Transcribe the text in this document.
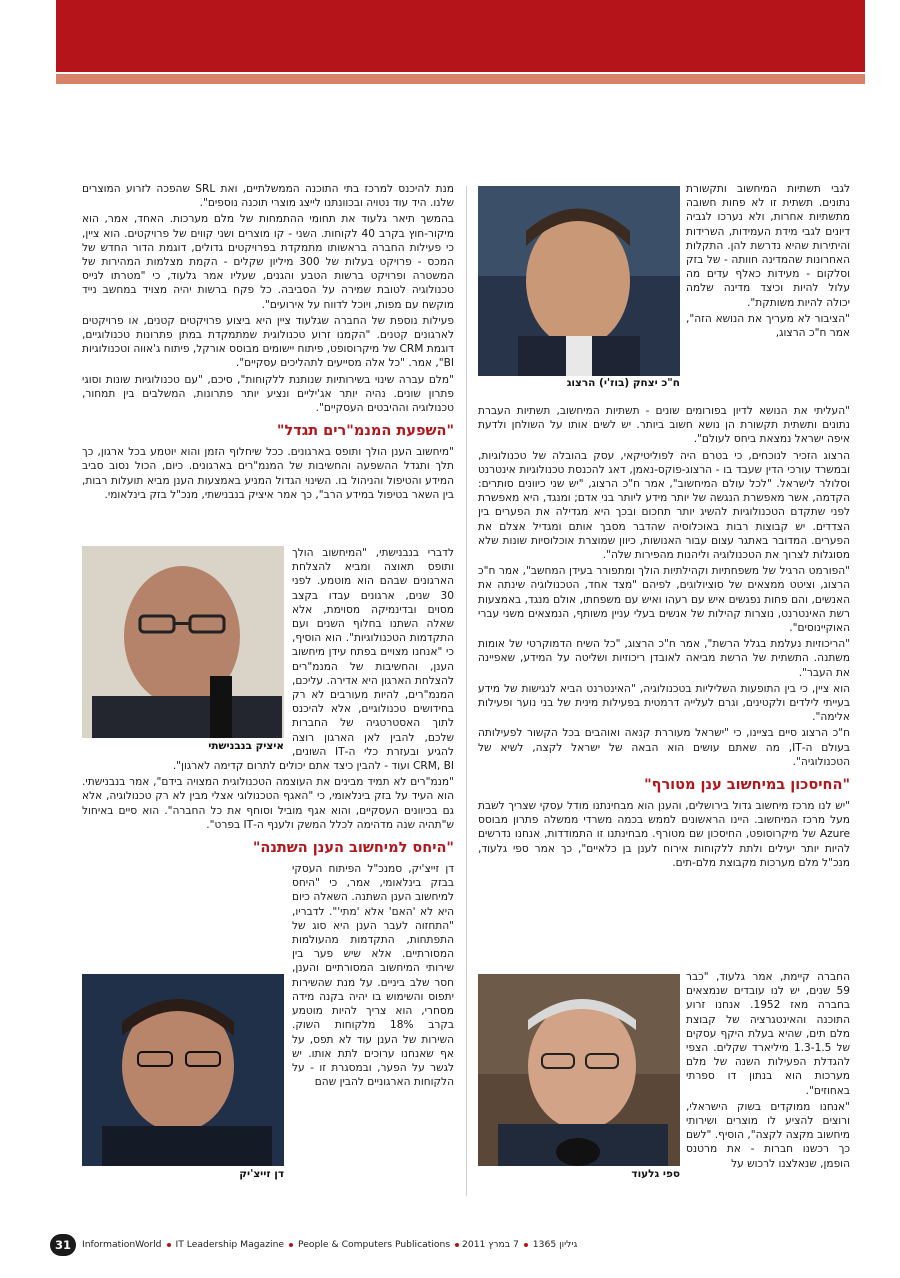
ח"כ יצחק (בוז'י) הרצוג

לגבי תשתיות המיחשוב ותקשורת נתונים. תשתית זו לא פחות חשובה מתשתיות אחרות, ולא נערכו לגביה דיונים לגבי מידת העמידות, השרידות והיתירות שהיא נדרשת להן. התקלות האחרונות שהמדינה חוותה - של בזק וסלקום - מעידות כאלף עדים מה עלול להיות וכיצד מדינה שלמה יכולה להיות משותקת".

"הציבור לא מעריך את הנושא הזה", אמר ח"כ הרצוג,

"העליתי את הנושא לדיון בפורומים שונים - תשתיות המיחשוב, תשתיות העברת נתונים ותשתית תקשורת הן נושא חשוב ביותר. יש לשים אותו על השולחן ולדעת איפה ישראל נמצאת ביחס לעולם".

הרצוג הזכיר לנוכחים, כי בטרם היה לפוליטיקאי, עסק בהובלה של טכנולוגיות, ובמשרד עורכי הדין שעבד בו - הרצוג-פוקס-נאמן, דאג להכנסת טכנולוגיות אינטרנט וסלולר לישראל. "לכל עולם המיחשוב", אמר ח"כ הרצוג, "יש שני כיוונים סותרים: הקדמה, אשר מאפשרת הנגשה של יותר מידע ליותר בני אדם; ומנגד, היא מאפשרת לפני שתקדם הטכנולוגיות להשיג יותר תחכום ובכך היא מגדילה את הפערים בין הצדדים. יש קבוצות רבות באוכלוסיה שהדבר מסבך אותם ומגדיל אצלם את הפערים. המדובר באתגר עצום עבור האנושות, כיוון שמוצרת אוכלוסיות שונות שלא מסוגלות לצרוך את הטכנולוגיה וליהנות מהפירות שלה".

"הפורמט הרגיל של משפחתיות וקהילתיות הולך ומתפורר בעידן המחשב", אמר ח"כ הרצוג, וציטט ממצאים של סוציולוגים, לפיהם "מצד אחד, הטכנולוגיה שינתה את האנשים, והם פחות נפגשים איש עם רעהו ואיש עם משפחתו, אולם מנגד, באמצעות רשת האינטרנט, נוצרות קהילות של אנשים בעלי עניין משותף, הנמצאים משני עברי האוקיינוסים".

"הריכוזיות נעלמת בגלל הרשת", אמר ח"כ הרצוג, "כל השיח הדמוקרטי של אומות משתנה. התשתית של הרשת מביאה לאובדן ריכוזיות ושליטה על המידע, שאפיינה את העבר".

הוא ציין, כי בין התופעות השליליות בטכנולוגיה, "האינטרנט הביא לנגישות של מידע בעייתי לילדים ולקטינים, וגרם לעלייה דרמטית בפעילות מינית של בני נוער ופעילות אלימה".

ח"כ הרצוג סיים בציינו, כי "ישראל מעוררת קנאה ואוהבים בכל הקשור לפעילותה בעולם ה-IT, מה שאתם עושים הוא הבאה של ישראל לקצה, לשיא של הטכנולוגיה".

"החיסכון במיחשוב ענן מטורף"

"יש לנו מרכז מיחשוב גדול בירושלים, והענן הוא מבחינתנו מודל עסקי שצריך לשבת מעל מרכז המיחשוב. היינו הראשונים לממש בכמה משרדי ממשלה פתרון מבוסס Azure של מיקרוסופט, החיסכון שם מטורף. מבחינתנו זו התמודדות, אנחנו נדרשים להיות יותר יעילים ולתת ללקוחות אירוח לענן בן כלאיים", כך אמר ספי גלעוד, מנכ"ל מלם מערכות מקבוצת מלם-תים.

ספי גלעוד

החברה קיימת, אמר גלעוד, "כבר 59 שנים, יש לנו עובדים שנמצאים בחברה מאז 1952. אנחנו זרוע התוכנה והאינטגרציה של קבוצת מלם תים, שהיא בעלת היקף עסקים של 1.3-1.5 מיליארד שקלים. הצפי להגדלת הפעילות השנה של מלם מערכות הוא בנתון דו ספרתי באחוזים".

"אנחנו ממוקדים בשוק הישראלי, ורוצים להציע לו מוצרים ושירותי מיחשוב מקצה לקצה", הוסיף. "לשם כך רכשנו חברות - את מרטנס הופמן, שנאלצנו לרכוש על

מנת להיכנס למרכז בתי התוכנה הממשלתיים, ואת SRL שהפכה לזרוע המוצרים שלנו. היד עוד נטויה ובכוונתנו לייצג מוצרי תוכנה נוספים".

בהמשך תיאר גלעוד את תחומי ההתמחות של מלם מערכות. האחד, אמר, הוא מיקור-חוץ בקרב 40 לקוחות. השני - קו מוצרים ושני קווים של פרויקטים. הוא ציין, כי פעילות החברה בראשותו מתמקדת בפרויקטים גדולים, דוגמת הדור החדש של המכס - פרויקט בעלות של 300 מיליון שקלים - הקמת מצלמות המהירות של המשטרה ופרויקט ברשות הטבע והגנים, שעליו אמר גלעוד, כי "מטרתו לנייס טכנולוגיה לטובת שמירה על הסביבה. כל פקח ברשות יהיה מצויד במחשב נייד מוקשח עם מפות, ויוכל לדווח על אירועים".

פעילות נוספת של החברה שגלעוד ציין היא ביצוע פרויקטים קטנים, או פרויקטים לארגונים קטנים. "הקמנו זרוע טכנולוגית שמתמקדת במתן פתרונות טכנולוגיים, דוגמת CRM של מיקרוסופט, פיתוח יישומים מבוסס אורקל, פיתוח ג'אווה וטכנולוגיות BI", אמר. "כל אלה מסייעים לתהליכים עסקיים".

"מלם עברה שינוי בשירותיות שנותנת ללקוחות", סיכם, "עם טכנולוגיות שונות וסוגי פתרון שונים. נהיה יותר אג'יליים ונציע יותר פתרונות, המשלבים בין תמחור, טכנולוגיה וההיבטים העסקיים".

"השפעת המנמ"רים תגדל"

"מיחשוב הענן הולך ותופס בארגונים. ככל שיחלוף הזמן והוא יוטמע בכל ארגון, כך תלך ותגדל ההשפעה והחשיבות של המנמ"רים בארגונים. כיום, הכול נסוב סביב המידע והטיפול והניהול בו. השינוי הגדול המניע באמצעות הענן מביא תועלות רבות, בין השאר בטיפול במידע הרב", כך אמר איציק בנבנישתי, מנכ"ל בזק בינלאומי.

איציק בנבנישתי

לדברי בנבנישתי, "המיחשוב הולך ותופס תאוצה ומביא להצלחת הארגונים שבהם הוא מוטמע. לפני 30 שנים, ארגונים עבדו בקצב מסוים ובדינמיקה מסוימת, אלא שאלה השתנו בחלוף השנים ועם התקדמות הטכנולוגיות". הוא הוסיף, כי "אנחנו מצויים בפתח עידן מיחשוב הענן, והחשיבות של המנמ"רים להצלחת הארגון היא אדירה. עליכם, המנמ"רים, להיות מעורבים לא רק בחידושים טכנולוגיים, אלא להיכנס לתוך האסטרטגיה של החברות שלכם, להבין לאן הארגון רוצה להגיע ובעזרת כלי ה-IT השונים, CRM, BI ועוד - להבין כיצד אתם יכולים לתרום קדימה לארגון".

"מנמ"רים לא תמיד מבינים את העוצמה הטכנולוגית המצויה בידם", אמר בנבנישתי. הוא העיד על בזק בינלאומי, כי "האגף הטכנולוגי אצלי מבין לא רק טכנולוגיה, אלא גם בכיוונים העסקיים, והוא אגף מוביל וסוחף את כל החברה". הוא סיים באיחול ש"תהיה שנה מדהימה לכלל המשק ולענף ה-IT בפרט".

"היחס למיחשוב הענן השתנה"

דן זייצ'יק, סמנכ"ל הפיתוח העסקי בבזק בינלאומי, אמר, כי "היחס למיחשוב הענן השתנה. השאלה כיום היא לא 'האם' אלא 'מתי'". לדבריו, "התחזוה לעבר הענן היא סוג של התפתחות, התקדמות מהעולמות המסורתיים. אלא שיש פער בין שירותי המיחשוב המסורתיים והענן, חסר שלב ביניים. על מנת שהשירות יתפוס והשימוש בו יהיה בקנה מידה מסחרי, הוא צריך להיות מוטמע בקרב 18% מלקוחות השוק. השירות של הענן עוד לא תפס, על אף שאנחנו ערוכים לתת אותו. יש לגשר על הפער, ובמסגרת זו - על הלקוחות הארגוניים להבין שהם

דן זייצ'יק
31	InformationWorld IT Leadership Magazine People & Computers Publications	גיליון 13657 במרץ 2011
